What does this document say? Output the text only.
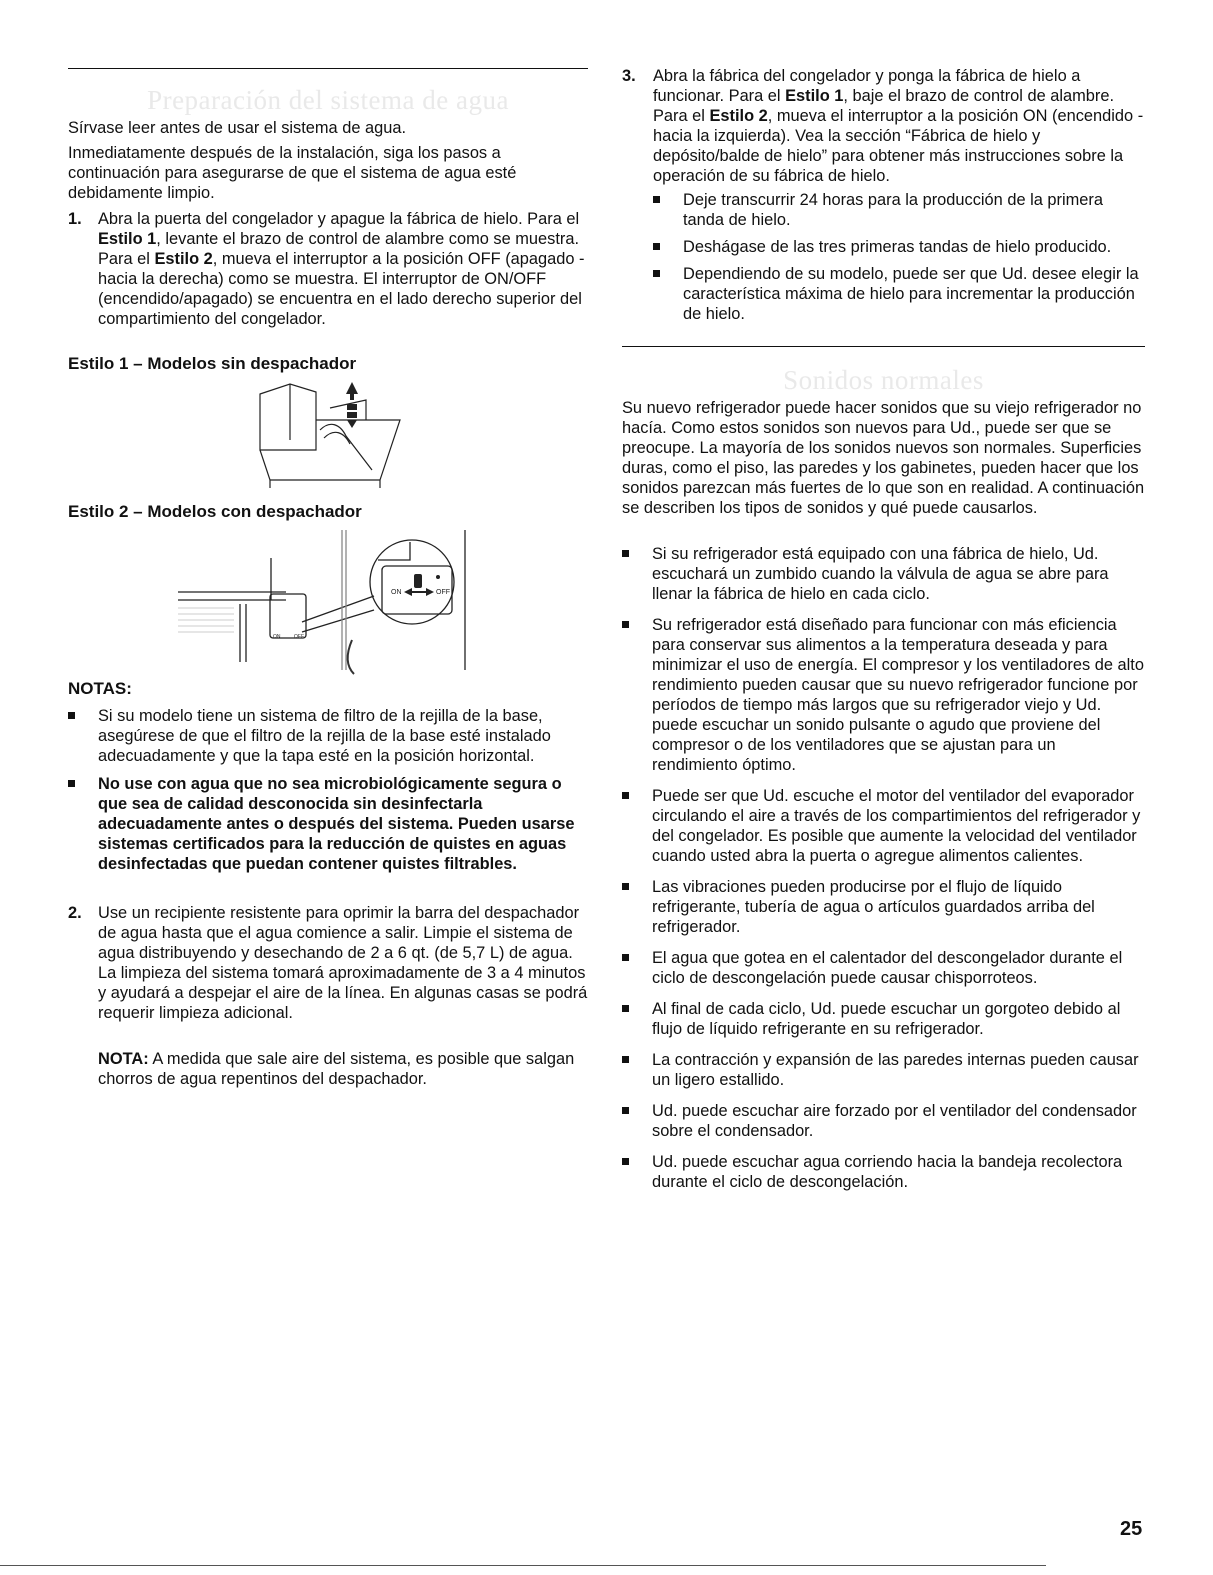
Preparación del sistema de agua

Sírvase leer antes de usar el sistema de agua.

Inmediatamente después de la instalación, siga los pasos a continuación para asegurarse de que el sistema de agua esté debidamente limpio.

1. Abra la puerta del congelador y apague la fábrica de hielo. Para el Estilo 1, levante el brazo de control de alambre como se muestra. Para el Estilo 2, mueva el interruptor a la posición OFF (apagado - hacia la derecha) como se muestra. El interruptor de ON/OFF (encendido/apagado) se encuentra en el lado derecho superior del compartimiento del congelador.

Estilo 1 – Modelos sin despachador
Estilo 2 – Modelos con despachador
ON	OFF
ON	OFF
NOTAS:
Si su modelo tiene un sistema de filtro de la rejilla de la base, asegúrese de que el filtro de la rejilla de la base esté instalado adecuadamente y que la tapa esté en la posición horizontal.
No use con agua que no sea microbiológicamente segura o que sea de calidad desconocida sin desinfectarla adecuadamente antes o después del sistema. Pueden usarse sistemas certificados para la reducción de quistes en aguas desinfectadas que puedan contener quistes filtrables.
2. Use un recipiente resistente para oprimir la barra del despachador de agua hasta que el agua comience a salir. Limpie el sistema de agua distribuyendo y desechando de 2 a 6 qt. (de 5,7 L) de agua. La limpieza del sistema tomará aproximadamente de 3 a 4 minutos y ayudará a despejar el aire de la línea. En algunas casas se podrá requerir limpieza adicional.

NOTA: A medida que sale aire del sistema, es posible que salgan chorros de agua repentinos del despachador.

3. Abra la fábrica del congelador y ponga la fábrica de hielo a funcionar. Para el Estilo 1, baje el brazo de control de alambre. Para el Estilo 2, mueva el interruptor a la posición ON (encendido - hacia la izquierda). Vea la sección “Fábrica de hielo y depósito/balde de hielo” para obtener más instrucciones sobre la operación de su fábrica de hielo.

Deje transcurrir 24 horas para la producción de la primera tanda de hielo.
Deshágase de las tres primeras tandas de hielo producido.
Dependiendo de su modelo, puede ser que Ud. desee elegir la característica máxima de hielo para incrementar la producción de hielo.
Sonidos normales

Su nuevo refrigerador puede hacer sonidos que su viejo refrigerador no hacía. Como estos sonidos son nuevos para Ud., puede ser que se preocupe. La mayoría de los sonidos nuevos son normales. Superficies duras, como el piso, las paredes y los gabinetes, pueden hacer que los sonidos parezcan más fuertes de lo que son en realidad. A continuación se describen los tipos de sonidos y qué puede causarlos.

Si su refrigerador está equipado con una fábrica de hielo, Ud. escuchará un zumbido cuando la válvula de agua se abre para llenar la fábrica de hielo en cada ciclo.
Su refrigerador está diseñado para funcionar con más eficiencia para conservar sus alimentos a la temperatura deseada y para minimizar el uso de energía. El compresor y los ventiladores de alto rendimiento pueden causar que su nuevo refrigerador funcione por períodos de tiempo más largos que su refrigerador viejo y Ud. puede escuchar un sonido pulsante o agudo que proviene del compresor o de los ventiladores que se ajustan para un rendimiento óptimo.
Puede ser que Ud. escuche el motor del ventilador del evaporador circulando el aire a través de los compartimientos del refrigerador y del congelador. Es posible que aumente la velocidad del ventilador cuando usted abra la puerta o agregue alimentos calientes.
Las vibraciones pueden producirse por el flujo de líquido refrigerante, tubería de agua o artículos guardados arriba del refrigerador.
El agua que gotea en el calentador del descongelador durante el ciclo de descongelación puede causar chisporroteos.
Al final de cada ciclo, Ud. puede escuchar un gorgoteo debido al flujo de líquido refrigerante en su refrigerador.
La contracción y expansión de las paredes internas pueden causar un ligero estallido.
Ud. puede escuchar aire forzado por el ventilador del condensador sobre el condensador.
Ud. puede escuchar agua corriendo hacia la bandeja recolectora durante el ciclo de descongelación.
25
